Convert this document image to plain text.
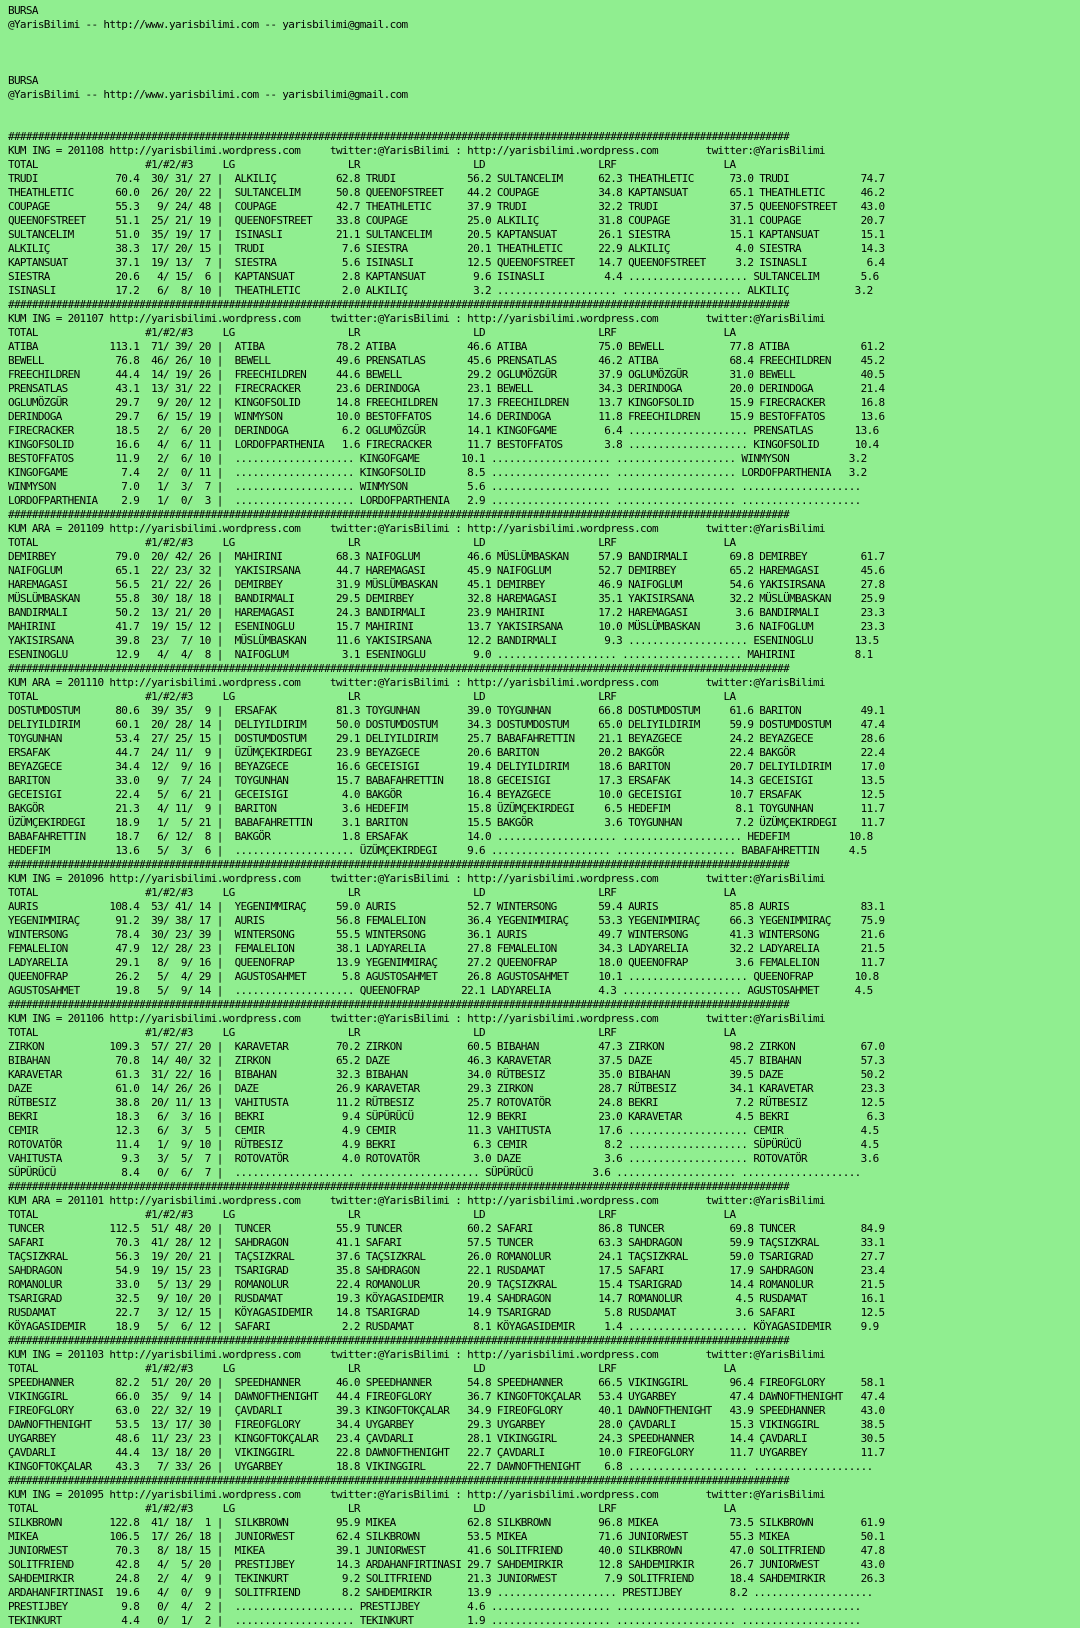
BURSA
@YarisBilimi -- http://www.yarisbilimi.com -- yarisbilimi@gmail.com
BURSA
@YarisBilimi -- http://www.yarisbilimi.com -- yarisbilimi@gmail.com
###################################################################################################################################
KUM ING = 201108 http://yarisbilimi.wordpress.com     twitter:@YarisBilimi : http://yarisbilimi.wordpress.com        twitter:@YarisBilimi
TOTAL                  #1/#2/#3     LG                   LR                   LD                   LRF                  LA
TRUDI             70.4  30/ 31/ 27 |  ALKILIÇ          62.8 TRUDI            56.2 SULTANCELIM      62.3 THEATHLETIC      73.0 TRUDI            74.7
THEATHLETIC       60.0  26/ 20/ 22 |  SULTANCELIM      50.8 QUEENOFSTREET    44.2 COUPAGE          34.8 KAPTANSUAT       65.1 THEATHLETIC      46.2
COUPAGE           55.3   9/ 24/ 48 |  COUPAGE          42.7 THEATHLETIC      37.9 TRUDI            32.2 TRUDI            37.5 QUEENOFSTREET    43.0
QUEENOFSTREET     51.1  25/ 21/ 19 |  QUEENOFSTREET    33.8 COUPAGE          25.0 ALKILIÇ          31.8 COUPAGE          31.1 COUPAGE          20.7
SULTANCELIM       51.0  35/ 19/ 17 |  ISINASLI         21.1 SULTANCELIM      20.5 KAPTANSUAT       26.1 SIESTRA          15.1 KAPTANSUAT       15.1
ALKILIÇ           38.3  17/ 20/ 15 |  TRUDI             7.6 SIESTRA          20.1 THEATHLETIC      22.9 ALKILIÇ           4.0 SIESTRA          14.3
KAPTANSUAT        37.1  19/ 13/  7 |  SIESTRA           5.6 ISINASLI         12.5 QUEENOFSTREET    14.7 QUEENOFSTREET     3.2 ISINASLI          6.4
SIESTRA           20.6   4/ 15/  6 |  KAPTANSUAT        2.8 KAPTANSUAT        9.6 ISINASLI          4.4 .................... SULTANCELIM       5.6
ISINASLI          17.2   6/  8/ 10 |  THEATHLETIC       2.0 ALKILIÇ           3.2 .................... .................... ALKILIÇ           3.2
###################################################################################################################################
KUM ING = 201107 http://yarisbilimi.wordpress.com     twitter:@YarisBilimi : http://yarisbilimi.wordpress.com        twitter:@YarisBilimi
TOTAL                  #1/#2/#3     LG                   LR                   LD                   LRF                  LA
ATIBA            113.1  71/ 39/ 20 |  ATIBA            78.2 ATIBA            46.6 ATIBA            75.0 BEWELL           77.8 ATIBA            61.2
BEWELL            76.8  46/ 26/ 10 |  BEWELL           49.6 PRENSATLAS       45.6 PRENSATLAS       46.2 ATIBA            68.4 FREECHILDREN     45.2
FREECHILDREN      44.4  14/ 19/ 26 |  FREECHILDREN     44.6 BEWELL           29.2 OGLUMÖZGÜR       37.9 OGLUMÖZGÜR       31.0 BEWELL           40.5
PRENSATLAS        43.1  13/ 31/ 22 |  FIRECRACKER      23.6 DERINDOGA        23.1 BEWELL           34.3 DERINDOGA        20.0 DERINDOGA        21.4
OGLUMÖZGÜR        29.7   9/ 20/ 12 |  KINGOFSOLID      14.8 FREECHILDREN     17.3 FREECHILDREN     13.7 KINGOFSOLID      15.9 FIRECRACKER      16.8
DERINDOGA         29.7   6/ 15/ 19 |  WINMYSON         10.0 BESTOFFATOS      14.6 DERINDOGA        11.8 FREECHILDREN     15.9 BESTOFFATOS      13.6
FIRECRACKER       18.5   2/  6/ 20 |  DERINDOGA         6.2 OGLUMÖZGÜR       14.1 KINGOFGAME        6.4 .................... PRENSATLAS       13.6
KINGOFSOLID       16.6   4/  6/ 11 |  LORDOFPARTHENIA   1.6 FIRECRACKER      11.7 BESTOFFATOS       3.8 .................... KINGOFSOLID      10.4
BESTOFFATOS       11.9   2/  6/ 10 |  .................... KINGOFGAME       10.1 .................... .................... WINMYSON          3.2
KINGOFGAME         7.4   2/  0/ 11 |  .................... KINGOFSOLID       8.5 .................... .................... LORDOFPARTHENIA   3.2
WINMYSON           7.0   1/  3/  7 |  .................... WINMYSON          5.6 .................... .................... ....................
LORDOFPARTHENIA    2.9   1/  0/  3 |  .................... LORDOFPARTHENIA   2.9 .................... .................... ....................
###################################################################################################################################
KUM ARA = 201109 http://yarisbilimi.wordpress.com     twitter:@YarisBilimi : http://yarisbilimi.wordpress.com        twitter:@YarisBilimi
TOTAL                  #1/#2/#3     LG                   LR                   LD                   LRF                  LA
DEMIRBEY          79.0  20/ 42/ 26 |  MAHIRINI         68.3 NAIFOGLUM        46.6 MÜSLÜMBASKAN     57.9 BANDIRMALI       69.8 DEMIRBEY         61.7
NAIFOGLUM         65.1  22/ 23/ 32 |  YAKISIRSANA      44.7 HAREMAGASI       45.9 NAIFOGLUM        52.7 DEMIRBEY         65.2 HAREMAGASI       45.6
HAREMAGASI        56.5  21/ 22/ 26 |  DEMIRBEY         31.9 MÜSLÜMBASKAN     45.1 DEMIRBEY         46.9 NAIFOGLUM        54.6 YAKISIRSANA      27.8
MÜSLÜMBASKAN      55.8  30/ 18/ 18 |  BANDIRMALI       29.5 DEMIRBEY         32.8 HAREMAGASI       35.1 YAKISIRSANA      32.2 MÜSLÜMBASKAN     25.9
BANDIRMALI        50.2  13/ 21/ 20 |  HAREMAGASI       24.3 BANDIRMALI       23.9 MAHIRINI         17.2 HAREMAGASI        3.6 BANDIRMALI       23.3
MAHIRINI          41.7  19/ 15/ 12 |  ESENINOGLU       15.7 MAHIRINI         13.7 YAKISIRSANA      10.0 MÜSLÜMBASKAN      3.6 NAIFOGLUM        23.3
YAKISIRSANA       39.8  23/  7/ 10 |  MÜSLÜMBASKAN     11.6 YAKISIRSANA      12.2 BANDIRMALI        9.3 .................... ESENINOGLU       13.5
ESENINOGLU        12.9   4/  4/  8 |  NAIFOGLUM         3.1 ESENINOGLU        9.0 .................... .................... MAHIRINI          8.1
###################################################################################################################################
KUM ARA = 201110 http://yarisbilimi.wordpress.com     twitter:@YarisBilimi : http://yarisbilimi.wordpress.com        twitter:@YarisBilimi
TOTAL                  #1/#2/#3     LG                   LR                   LD                   LRF                  LA
DOSTUMDOSTUM      80.6  39/ 35/  9 |  ERSAFAK          81.3 TOYGUNHAN        39.0 TOYGUNHAN        66.8 DOSTUMDOSTUM     61.6 BARITON          49.1
DELIYILDIRIM      60.1  20/ 28/ 14 |  DELIYILDIRIM     50.0 DOSTUMDOSTUM     34.3 DOSTUMDOSTUM     65.0 DELIYILDIRIM     59.9 DOSTUMDOSTUM     47.4
TOYGUNHAN         53.4  27/ 25/ 15 |  DOSTUMDOSTUM     29.1 DELIYILDIRIM     25.7 BABAFAHRETTIN    21.1 BEYAZGECE        24.2 BEYAZGECE        28.6
ERSAFAK           44.7  24/ 11/  9 |  ÜZÜMÇEKIRDEGI    23.9 BEYAZGECE        20.6 BARITON          20.2 BAKGÖR           22.4 BAKGÖR           22.4
BEYAZGECE         34.4  12/  9/ 16 |  BEYAZGECE        16.6 GECEISIGI        19.4 DELIYILDIRIM     18.6 BARITON          20.7 DELIYILDIRIM     17.0
BARITON           33.0   9/  7/ 24 |  TOYGUNHAN        15.7 BABAFAHRETTIN    18.8 GECEISIGI        17.3 ERSAFAK          14.3 GECEISIGI        13.5
GECEISIGI         22.4   5/  6/ 21 |  GECEISIGI         4.0 BAKGÖR           16.4 BEYAZGECE        10.0 GECEISIGI        10.7 ERSAFAK          12.5
BAKGÖR            21.3   4/ 11/  9 |  BARITON           3.6 HEDEFIM          15.8 ÜZÜMÇEKIRDEGI     6.5 HEDEFIM           8.1 TOYGUNHAN        11.7
ÜZÜMÇEKIRDEGI     18.9   1/  5/ 21 |  BABAFAHRETTIN     3.1 BARITON          15.5 BAKGÖR            3.6 TOYGUNHAN         7.2 ÜZÜMÇEKIRDEGI    11.7
BABAFAHRETTIN     18.7   6/ 12/  8 |  BAKGÖR            1.8 ERSAFAK          14.0 .................... .................... HEDEFIM          10.8
HEDEFIM           13.6   5/  3/  6 |  .................... ÜZÜMÇEKIRDEGI     9.6 .................... .................... BABAFAHRETTIN     4.5
###################################################################################################################################
KUM ING = 201096 http://yarisbilimi.wordpress.com     twitter:@YarisBilimi : http://yarisbilimi.wordpress.com        twitter:@YarisBilimi
TOTAL                  #1/#2/#3     LG                   LR                   LD                   LRF                  LA
AURIS            108.4  53/ 41/ 14 |  YEGENIMMIRAÇ     59.0 AURIS            52.7 WINTERSONG       59.4 AURIS            85.8 AURIS            83.1
YEGENIMMIRAÇ      91.2  39/ 38/ 17 |  AURIS            56.8 FEMALELION       36.4 YEGENIMMIRAÇ     53.3 YEGENIMMIRAÇ     66.3 YEGENIMMIRAÇ     75.9
WINTERSONG        78.4  30/ 23/ 39 |  WINTERSONG       55.5 WINTERSONG       36.1 AURIS            49.7 WINTERSONG       41.3 WINTERSONG       21.6
FEMALELION        47.9  12/ 28/ 23 |  FEMALELION       38.1 LADYARELIA       27.8 FEMALELION       34.3 LADYARELIA       32.2 LADYARELIA       21.5
LADYARELIA        29.1   8/  9/ 16 |  QUEENOFRAP       13.9 YEGENIMMIRAÇ     27.2 QUEENOFRAP       18.0 QUEENOFRAP        3.6 FEMALELION       11.7
QUEENOFRAP        26.2   5/  4/ 29 |  AGUSTOSAHMET      5.8 AGUSTOSAHMET     26.8 AGUSTOSAHMET     10.1 .................... QUEENOFRAP       10.8
AGUSTOSAHMET      19.8   5/  9/ 14 |  .................... QUEENOFRAP       22.1 LADYARELIA        4.3 .................... AGUSTOSAHMET      4.5
###################################################################################################################################
KUM ING = 201106 http://yarisbilimi.wordpress.com     twitter:@YarisBilimi : http://yarisbilimi.wordpress.com        twitter:@YarisBilimi
TOTAL                  #1/#2/#3     LG                   LR                   LD                   LRF                  LA
ZIRKON           109.3  57/ 27/ 20 |  KARAVETAR        70.2 ZIRKON           60.5 BIBAHAN          47.3 ZIRKON           98.2 ZIRKON           67.0
BIBAHAN           70.8  14/ 40/ 32 |  ZIRKON           65.2 DAZE             46.3 KARAVETAR        37.5 DAZE             45.7 BIBAHAN          57.3
KARAVETAR         61.3  31/ 22/ 16 |  BIBAHAN          32.3 BIBAHAN          34.0 RÜTBESIZ         35.0 BIBAHAN          39.5 DAZE             50.2
DAZE              61.0  14/ 26/ 26 |  DAZE             26.9 KARAVETAR        29.3 ZIRKON           28.7 RÜTBESIZ         34.1 KARAVETAR        23.3
RÜTBESIZ          38.8  20/ 11/ 13 |  VAHITUSTA        11.2 RÜTBESIZ         25.7 ROTOVATÖR        24.8 BEKRI             7.2 RÜTBESIZ         12.5
BEKRI             18.3   6/  3/ 16 |  BEKRI             9.4 SÜPÜRÜCÜ         12.9 BEKRI            23.0 KARAVETAR         4.5 BEKRI             6.3
CEMIR             12.3   6/  3/  5 |  CEMIR             4.9 CEMIR            11.3 VAHITUSTA        17.6 .................... CEMIR             4.5
ROTOVATÖR         11.4   1/  9/ 10 |  RÜTBESIZ          4.9 BEKRI             6.3 CEMIR             8.2 .................... SÜPÜRÜCÜ          4.5
VAHITUSTA          9.3   3/  5/  7 |  ROTOVATÖR         4.0 ROTOVATÖR         3.0 DAZE              3.6 .................... ROTOVATÖR         3.6
SÜPÜRÜCÜ           8.4   0/  6/  7 |  .................... .................... SÜPÜRÜCÜ          3.6 .................... ....................
###################################################################################################################################
KUM ARA = 201101 http://yarisbilimi.wordpress.com     twitter:@YarisBilimi : http://yarisbilimi.wordpress.com        twitter:@YarisBilimi
TOTAL                  #1/#2/#3     LG                   LR                   LD                   LRF                  LA
TUNCER           112.5  51/ 48/ 20 |  TUNCER           55.9 TUNCER           60.2 SAFARI           86.8 TUNCER           69.8 TUNCER           84.9
SAFARI            70.3  41/ 28/ 12 |  SAHDRAGON        41.1 SAFARI           57.5 TUNCER           63.3 SAHDRAGON        59.9 TAÇSIZKRAL       33.1
TAÇSIZKRAL        56.3  19/ 20/ 21 |  TAÇSIZKRAL       37.6 TAÇSIZKRAL       26.0 ROMANOLUR        24.1 TAÇSIZKRAL       59.0 TSARIGRAD        27.7
SAHDRAGON         54.9  19/ 15/ 23 |  TSARIGRAD        35.8 SAHDRAGON        22.1 RUSDAMAT         17.5 SAFARI           17.9 SAHDRAGON        23.4
ROMANOLUR         33.0   5/ 13/ 29 |  ROMANOLUR        22.4 ROMANOLUR        20.9 TAÇSIZKRAL       15.4 TSARIGRAD        14.4 ROMANOLUR        21.5
TSARIGRAD         32.5   9/ 10/ 20 |  RUSDAMAT         19.3 KÖYAGASIDEMIR    19.4 SAHDRAGON        14.7 ROMANOLUR         4.5 RUSDAMAT         16.1
RUSDAMAT          22.7   3/ 12/ 15 |  KÖYAGASIDEMIR    14.8 TSARIGRAD        14.9 TSARIGRAD         5.8 RUSDAMAT          3.6 SAFARI           12.5
KÖYAGASIDEMIR     18.9   5/  6/ 12 |  SAFARI            2.2 RUSDAMAT          8.1 KÖYAGASIDEMIR     1.4 .................... KÖYAGASIDEMIR     9.9
###################################################################################################################################
KUM ING = 201103 http://yarisbilimi.wordpress.com     twitter:@YarisBilimi : http://yarisbilimi.wordpress.com        twitter:@YarisBilimi
TOTAL                  #1/#2/#3     LG                   LR                   LD                   LRF                  LA
SPEEDHANNER       82.2  51/ 20/ 20 |  SPEEDHANNER      46.0 SPEEDHANNER      54.8 SPEEDHANNER      66.5 VIKINGGIRL       96.4 FIREOFGLORY      58.1
VIKINGGIRL        66.0  35/  9/ 14 |  DAWNOFTHENIGHT   44.4 FIREOFGLORY      36.7 KINGOFTOKÇALAR   53.4 UYGARBEY         47.4 DAWNOFTHENIGHT   47.4
FIREOFGLORY       63.0  22/ 32/ 19 |  ÇAVDARLI         39.3 KINGOFTOKÇALAR   34.9 FIREOFGLORY      40.1 DAWNOFTHENIGHT   43.9 SPEEDHANNER      43.0
DAWNOFTHENIGHT    53.5  13/ 17/ 30 |  FIREOFGLORY      34.4 UYGARBEY         29.3 UYGARBEY         28.0 ÇAVDARLI         15.3 VIKINGGIRL       38.5
UYGARBEY          48.6  11/ 23/ 23 |  KINGOFTOKÇALAR   23.4 ÇAVDARLI         28.1 VIKINGGIRL       24.3 SPEEDHANNER      14.4 ÇAVDARLI         30.5
ÇAVDARLI          44.4  13/ 18/ 20 |  VIKINGGIRL       22.8 DAWNOFTHENIGHT   22.7 ÇAVDARLI         10.0 FIREOFGLORY      11.7 UYGARBEY         11.7
KINGOFTOKÇALAR    43.3   7/ 33/ 26 |  UYGARBEY         18.8 VIKINGGIRL       22.7 DAWNOFTHENIGHT    6.8 .................... ....................
###################################################################################################################################
KUM ING = 201095 http://yarisbilimi.wordpress.com     twitter:@YarisBilimi : http://yarisbilimi.wordpress.com        twitter:@YarisBilimi
TOTAL                  #1/#2/#3     LG                   LR                   LD                   LRF                  LA
SILKBROWN        122.8  41/ 18/  1 |  SILKBROWN        95.9 MIKEA            62.8 SILKBROWN        96.8 MIKEA            73.5 SILKBROWN        61.9
MIKEA            106.5  17/ 26/ 18 |  JUNIORWEST       62.4 SILKBROWN        53.5 MIKEA            71.6 JUNIORWEST       55.3 MIKEA            50.1
JUNIORWEST        70.3   8/ 18/ 15 |  MIKEA            39.1 JUNIORWEST       41.6 SOLITFRIEND      40.0 SILKBROWN        47.0 SOLITFRIEND      47.8
SOLITFRIEND       42.8   4/  5/ 20 |  PRESTIJBEY       14.3 ARDAHANFIRTINASI 29.7 SAHDEMIRKIR      12.8 SAHDEMIRKIR      26.7 JUNIORWEST       43.0
SAHDEMIRKIR       24.8   2/  4/  9 |  TEKINKURT         9.2 SOLITFRIEND      21.3 JUNIORWEST        7.9 SOLITFRIEND      18.4 SAHDEMIRKIR      26.3
ARDAHANFIRTINASI  19.6   4/  0/  9 |  SOLITFRIEND       8.2 SAHDEMIRKIR      13.9 .................... PRESTIJBEY        8.2 ....................
PRESTIJBEY         9.8   0/  4/  2 |  .................... PRESTIJBEY        4.6 .................... .................... ....................
TEKINKURT          4.4   0/  1/  2 |  .................... TEKINKURT         1.9 .................... .................... ....................
